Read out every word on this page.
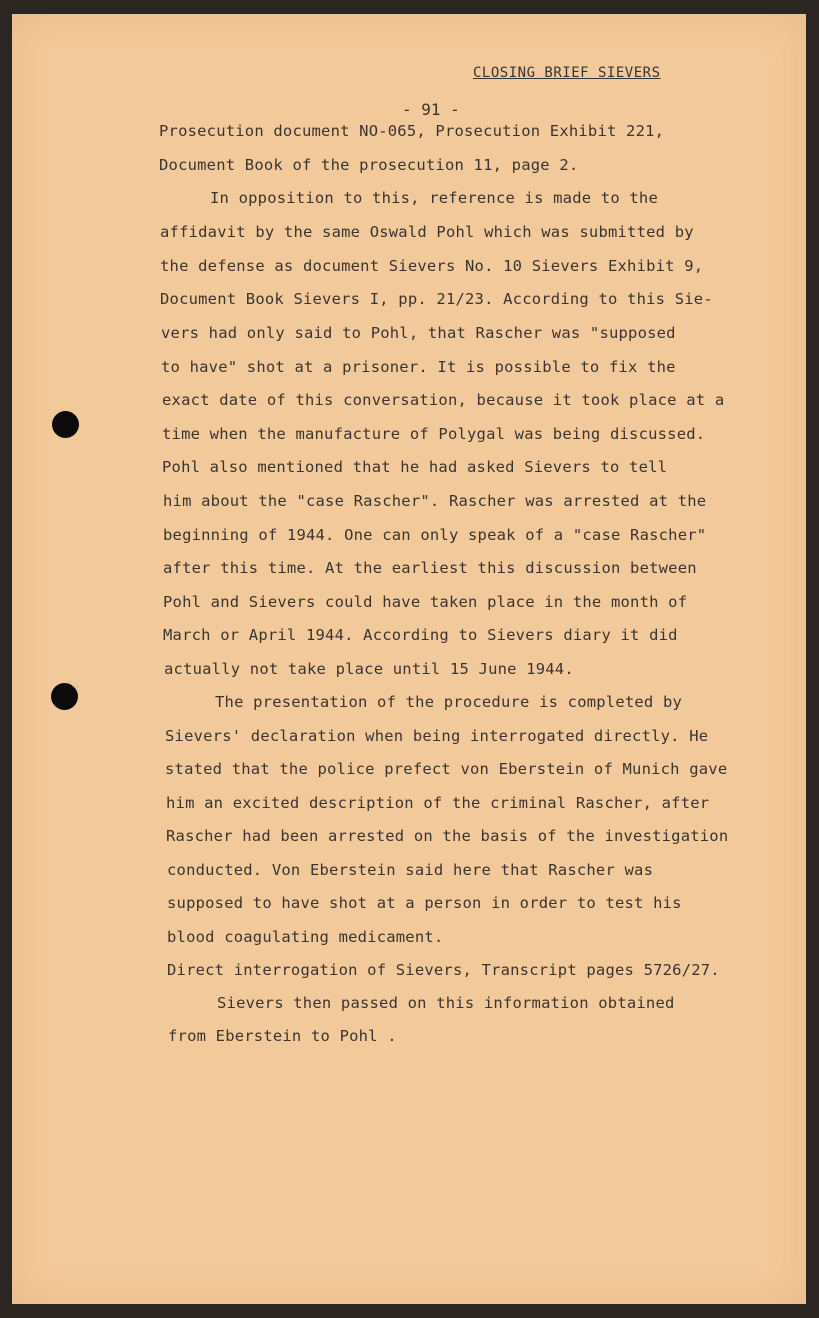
CLOSING BRIEF SIEVERS
- 91 -
Prosecution document NO-065, Prosecution Exhibit 221,
Document Book of the prosecution 11, page 2.
In opposition to this, reference is made to the
affidavit by the same Oswald Pohl which was submitted by
the defense as document Sievers No. 10 Sievers Exhibit 9,
Document Book Sievers I, pp. 21/23. According to this Sie-
vers had only said to Pohl, that Rascher was "supposed
to have" shot at a prisoner. It is possible to fix the
exact date of this conversation, because it took place at a
time when the manufacture of Polygal was being discussed.
Pohl also mentioned that he had asked Sievers to tell
him about the "case Rascher". Rascher was arrested at the
beginning of 1944. One can only speak of a "case Rascher"
after this time. At the earliest this discussion between
Pohl and Sievers could have taken place in the month of
March or April 1944. According to Sievers diary it did
actually not take place until 15 June 1944.
The presentation of the procedure is completed by
Sievers' declaration when being interrogated directly. He
stated that the police prefect von Eberstein of Munich gave
him an excited description of the criminal Rascher, after
Rascher had been arrested on the basis of the investigation
conducted. Von Eberstein said here that Rascher was
supposed to have shot at a person in order to test his
blood coagulating medicament.
Direct interrogation of Sievers, Transcript pages 5726/27.
Sievers then passed on this information obtained
from Eberstein to Pohl .
